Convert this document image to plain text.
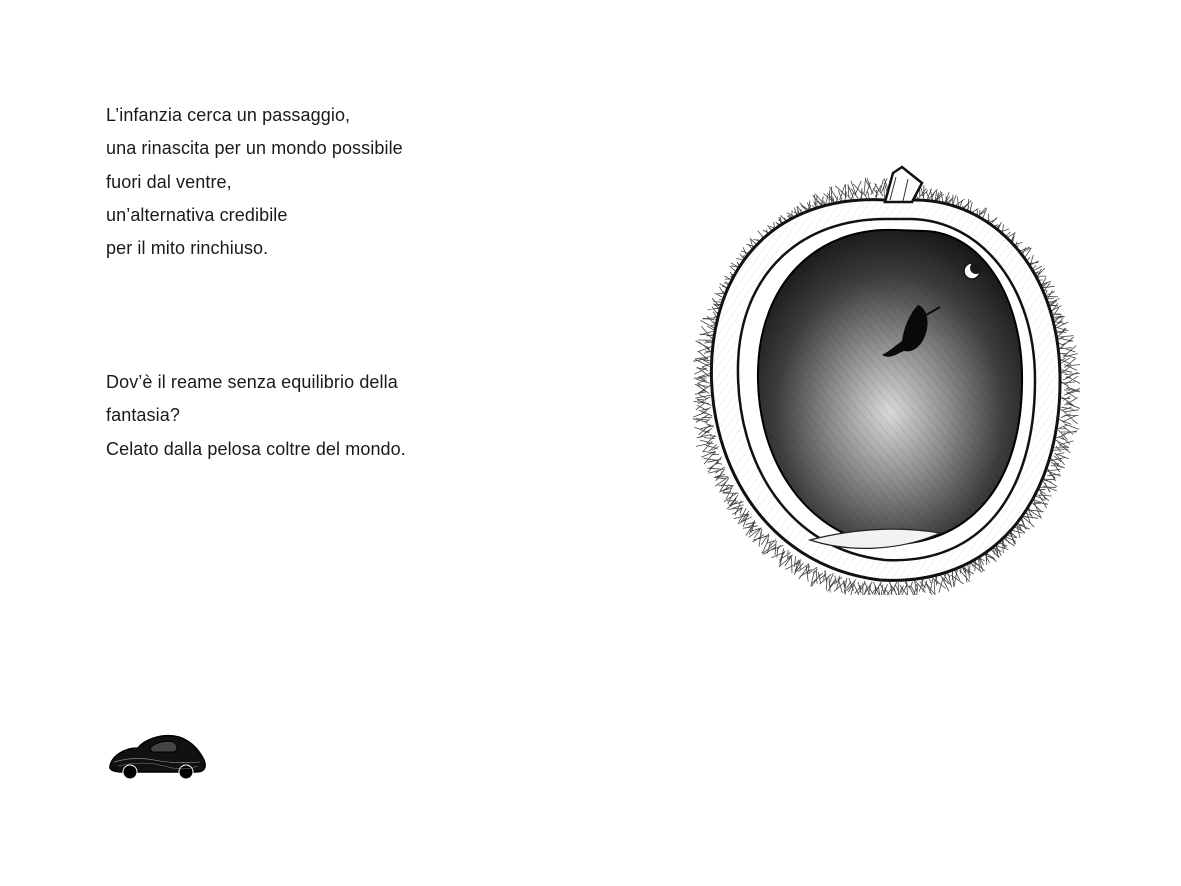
L’infanzia cerca un passaggio,
una rinascita per un mondo possibile
fuori dal ventre,
un’alternativa credibile
per il mito rinchiuso.
Dov’è il reame senza equilibrio della
fantasia?
Celato dalla pelosa coltre del mondo.
